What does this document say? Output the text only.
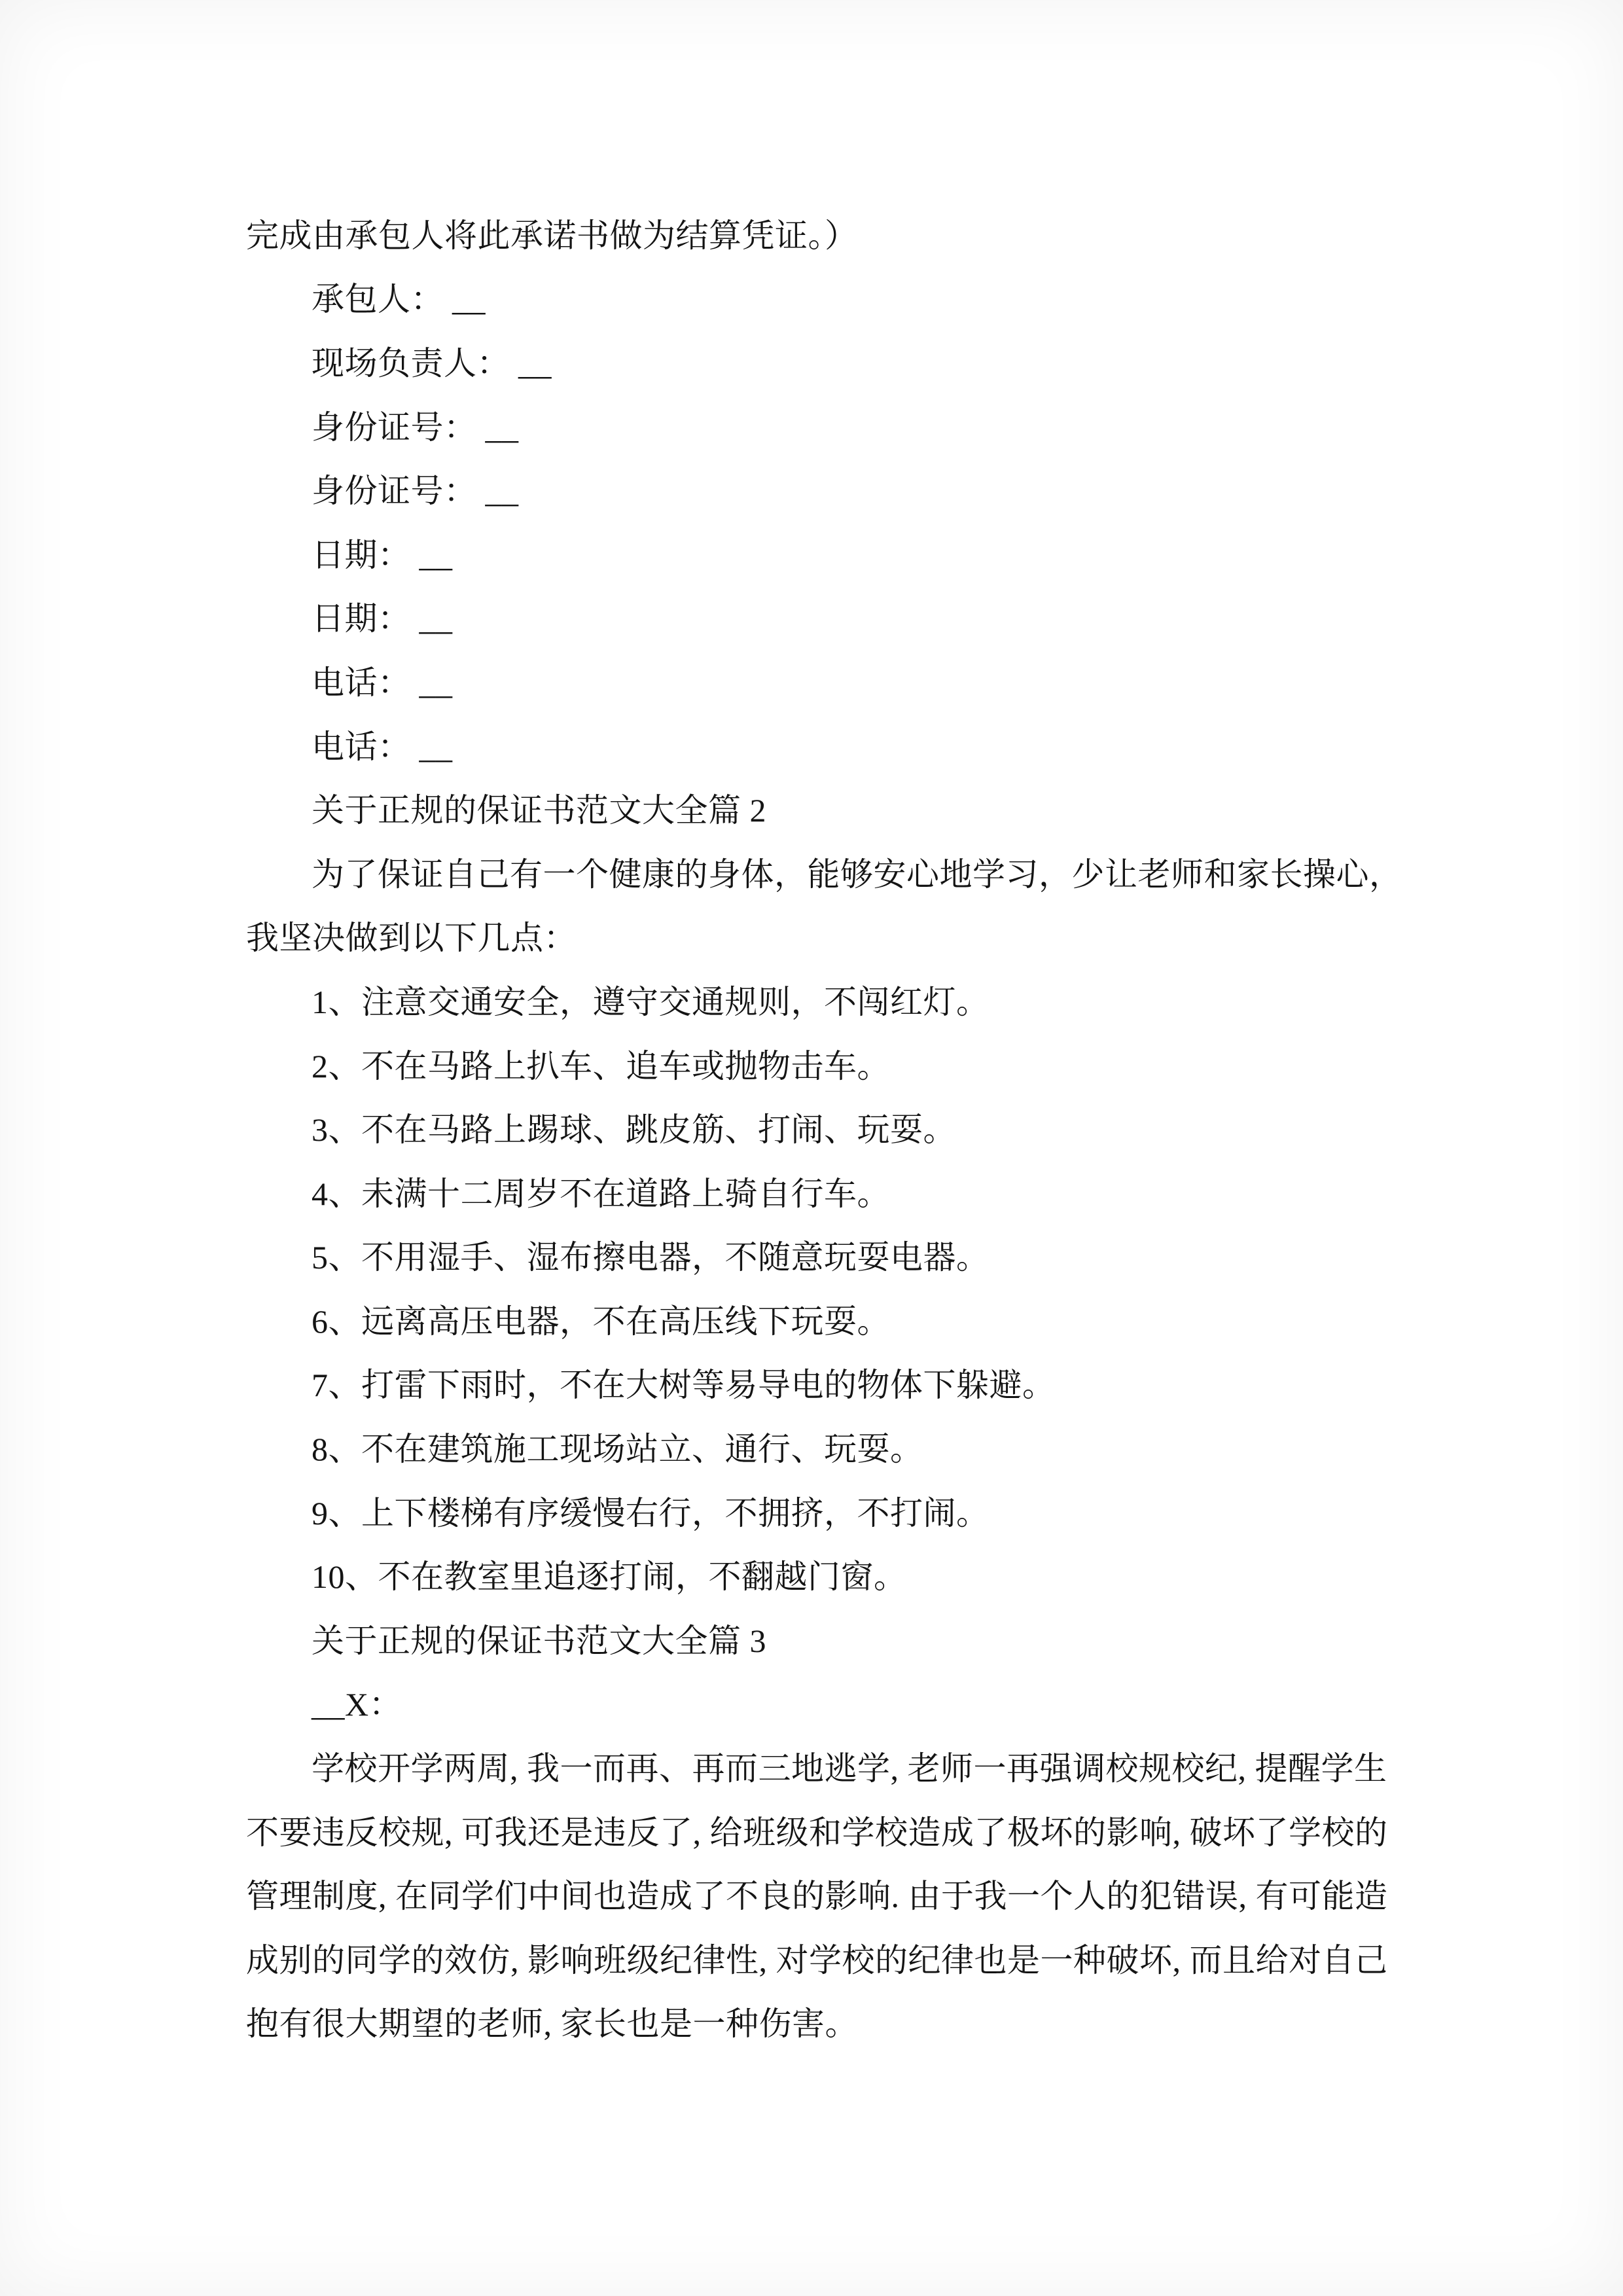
完成由承包人将此承诺书做为结算凭证。）
承包人： __
现场负责人： __
身份证号： __
身份证号： __
日期： __
日期： __
电话： __
电话： __
关于正规的保证书范文大全篇 2
为了保证自己有一个健康的身体，能够安心地学习，少让老师和家长操心，
我坚决做到以下几点：
1、注意交通安全，遵守交通规则，不闯红灯。
2、不在马路上扒车、追车或抛物击车。
3、不在马路上踢球、跳皮筋、打闹、玩耍。
4、未满十二周岁不在道路上骑自行车。
5、不用湿手、湿布擦电器，不随意玩耍电器。
6、远离高压电器，不在高压线下玩耍。
7、打雷下雨时，不在大树等易导电的物体下躲避。
8、不在建筑施工现场站立、通行、玩耍。
9、上下楼梯有序缓慢右行，不拥挤，不打闹。
10、不在教室里追逐打闹，不翻越门窗。
关于正规的保证书范文大全篇 3
__X：
学校开学两周, 我一而再、再而三地逃学, 老师一再强调校规校纪, 提醒学生
不要违反校规, 可我还是违反了, 给班级和学校造成了极坏的影响, 破坏了学校的
管理制度, 在同学们中间也造成了不良的影响. 由于我一个人的犯错误, 有可能造
成别的同学的效仿, 影响班级纪律性, 对学校的纪律也是一种破坏, 而且给对自己
抱有很大期望的老师, 家长也是一种伤害。
